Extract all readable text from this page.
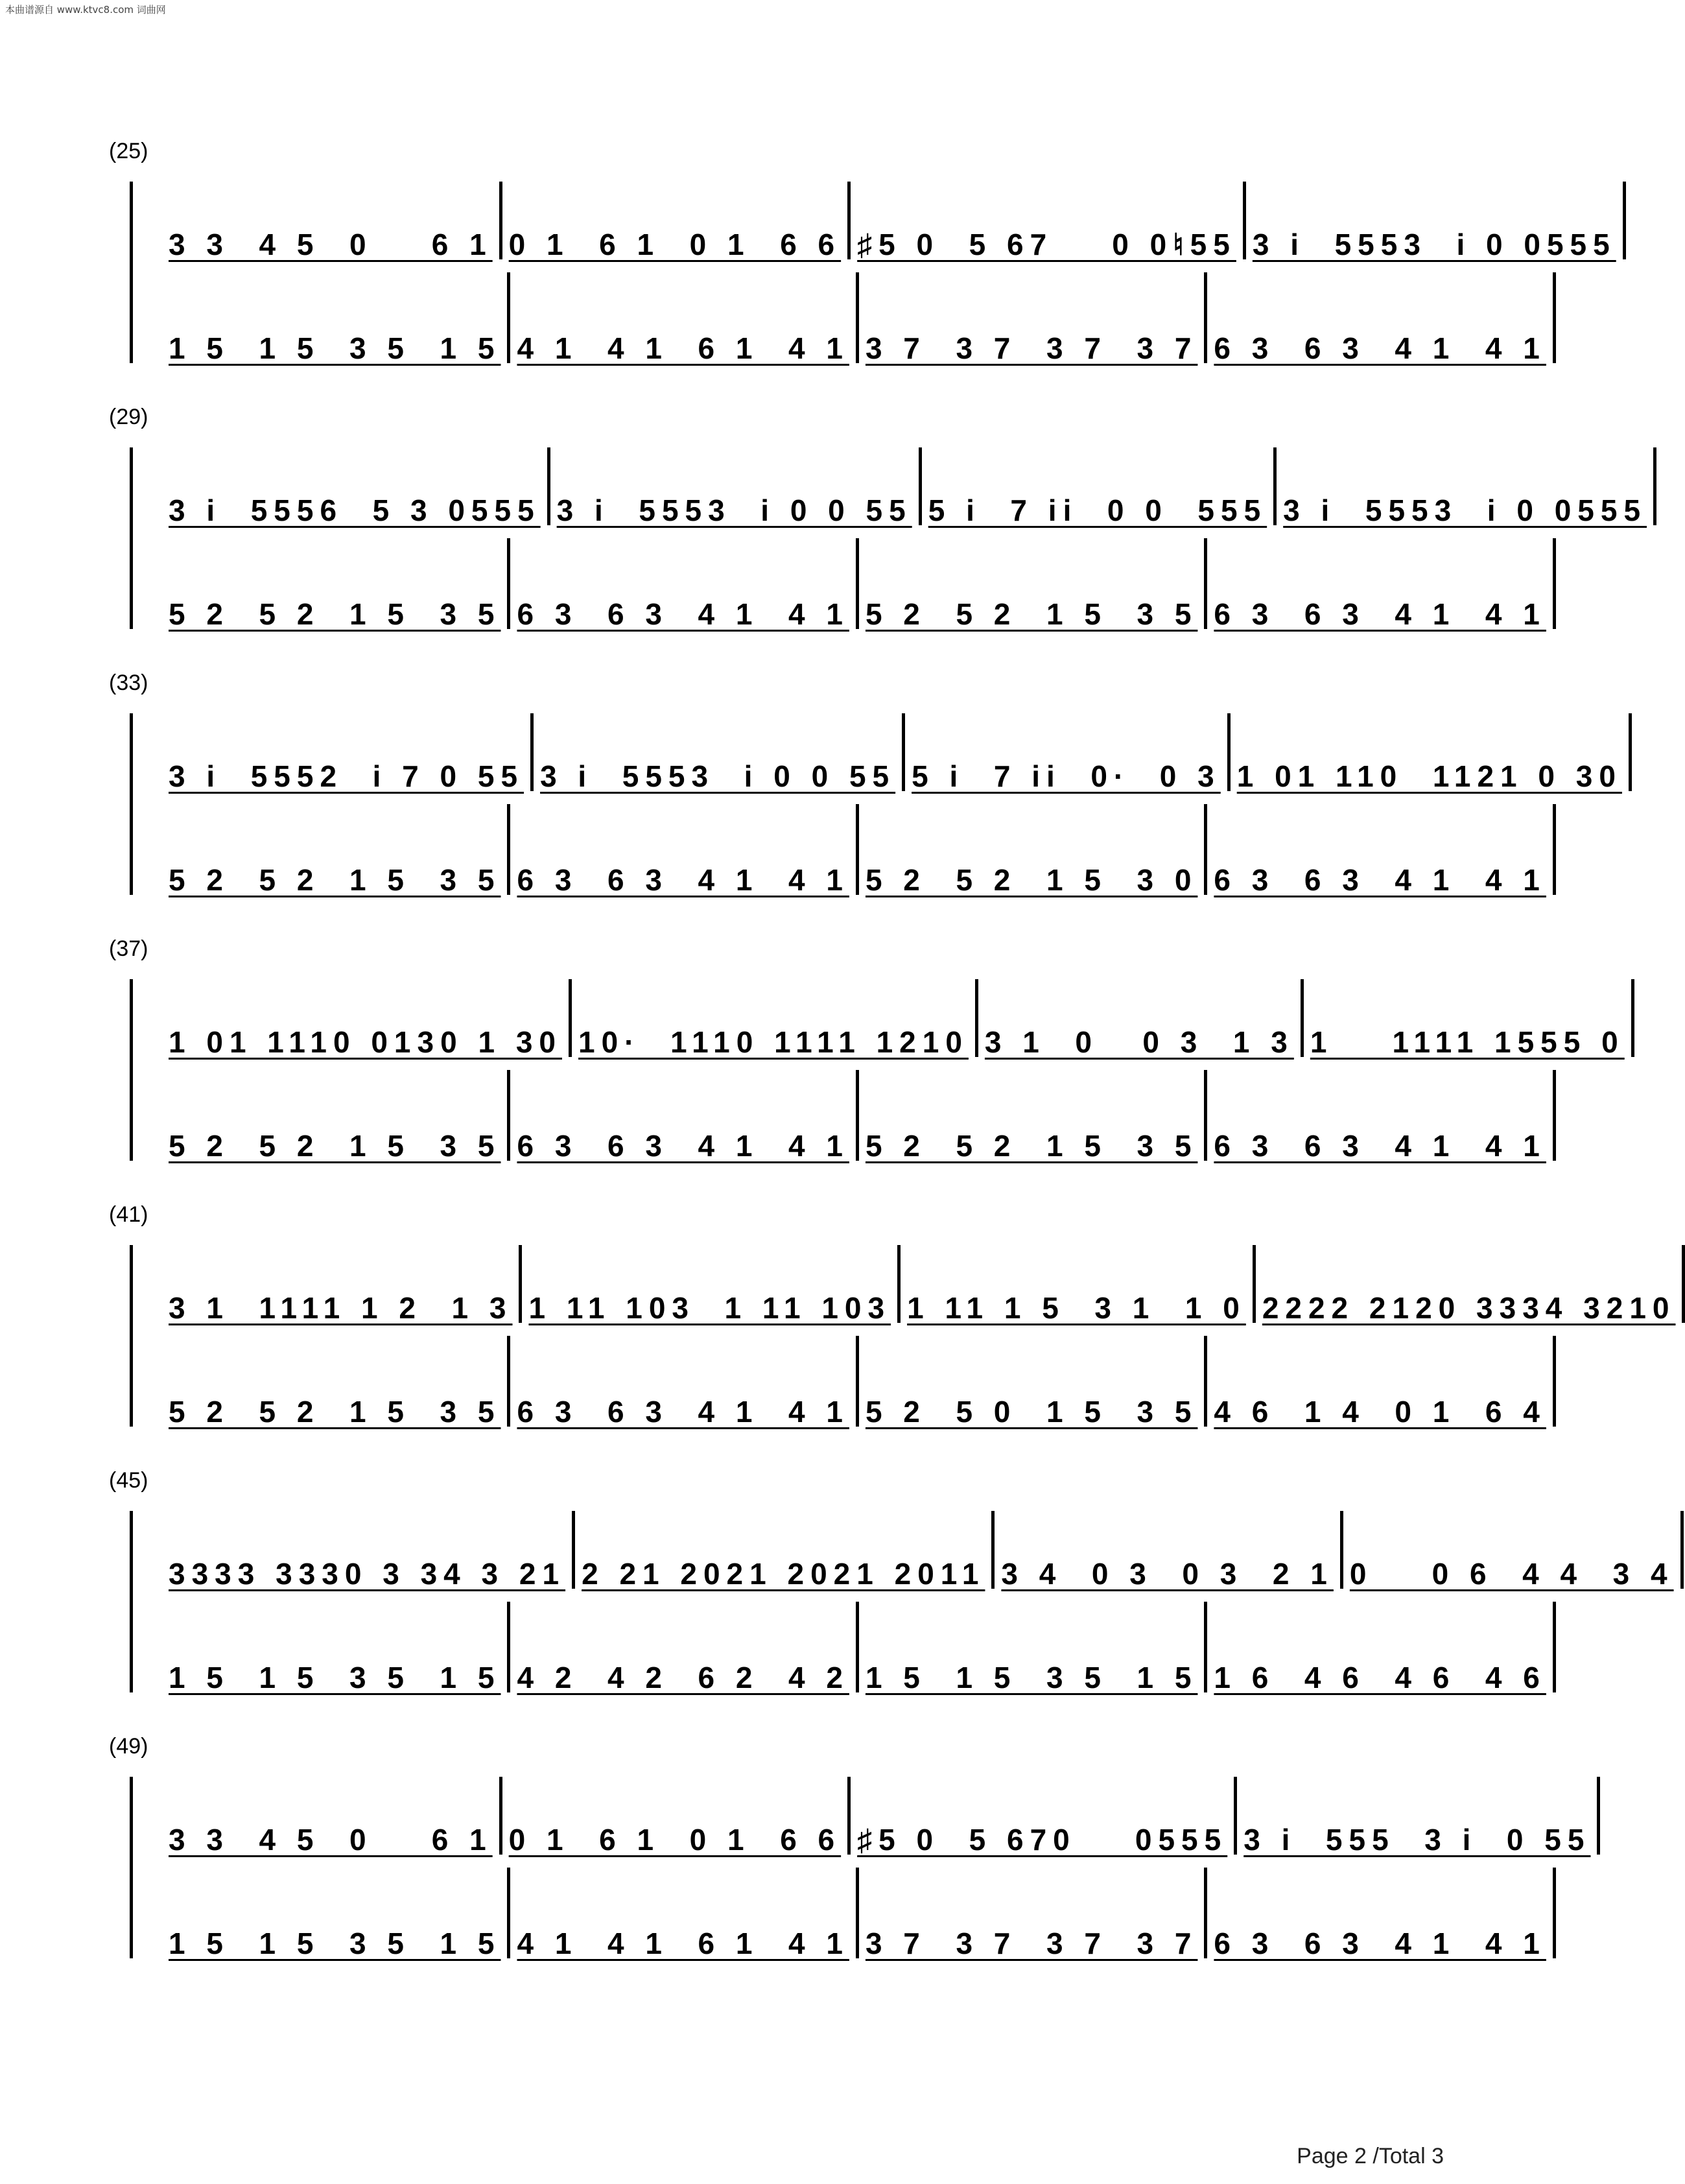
本曲谱源自 www.ktvc8.com 词曲网
(25)
3 3  4 5  0    6 1 0 1  6 1  0 1  6 6 ♯5 0  5 67    0 0♮55 3 i  5553  i 0 0555
1 5  1 5  3 5  1 5 4 1  4 1  6 1  4 1 3 7  3 7  3 7  3 7 6 3  6 3  4 1  4 1
(29)
3 i  5556  5 3 0555 3 i  5553  i 0 0 55 5 i  7 ii  0 0  555 3 i  5553  i 0 0555
5 2  5 2  1 5  3 5 6 3  6 3  4 1  4 1 5 2  5 2  1 5  3 5 6 3  6 3  4 1  4 1
(33)
3 i  5552  i 7 0 55 3 i  5553  i 0 0 55 5 i  7 ii  0·  0 3 1 01 110  1121 0 30
5 2  5 2  1 5  3 5 6 3  6 3  4 1  4 1 5 2  5 2  1 5  3 0 6 3  6 3  4 1  4 1
(37)
1 01 1110 0130 1 30 10·  1110 1111 1210 3 1  0   0 3  1 3 1    1111 1555 0
5 2  5 2  1 5  3 5 6 3  6 3  4 1  4 1 5 2  5 2  1 5  3 5 6 3  6 3  4 1  4 1
(41)
3 1  1111 1 2  1 3 1 11 103  1 11 103 1 11 1 5  3 1  1 0 2222 2120 3334 3210
5 2  5 2  1 5  3 5 6 3  6 3  4 1  4 1 5 2  5 0  1 5  3 5 4 6  1 4  0 1  6 4
(45)
3333 3330 3 34 3 21 2 21 2021 2021 2011 3 4  0 3  0 3  2 1 0    0 6  4 4  3 4
1 5  1 5  3 5  1 5 4 2  4 2  6 2  4 2 1 5  1 5  3 5  1 5 1 6  4 6  4 6  4 6
(49)
3 3  4 5  0    6 1 0 1  6 1  0 1  6 6 ♯5 0  5 670    0555 3 i  555  3 i  0 55
1 5  1 5  3 5  1 5 4 1  4 1  6 1  4 1 3 7  3 7  3 7  3 7 6 3  6 3  4 1  4 1
Page 2 /Total 3
